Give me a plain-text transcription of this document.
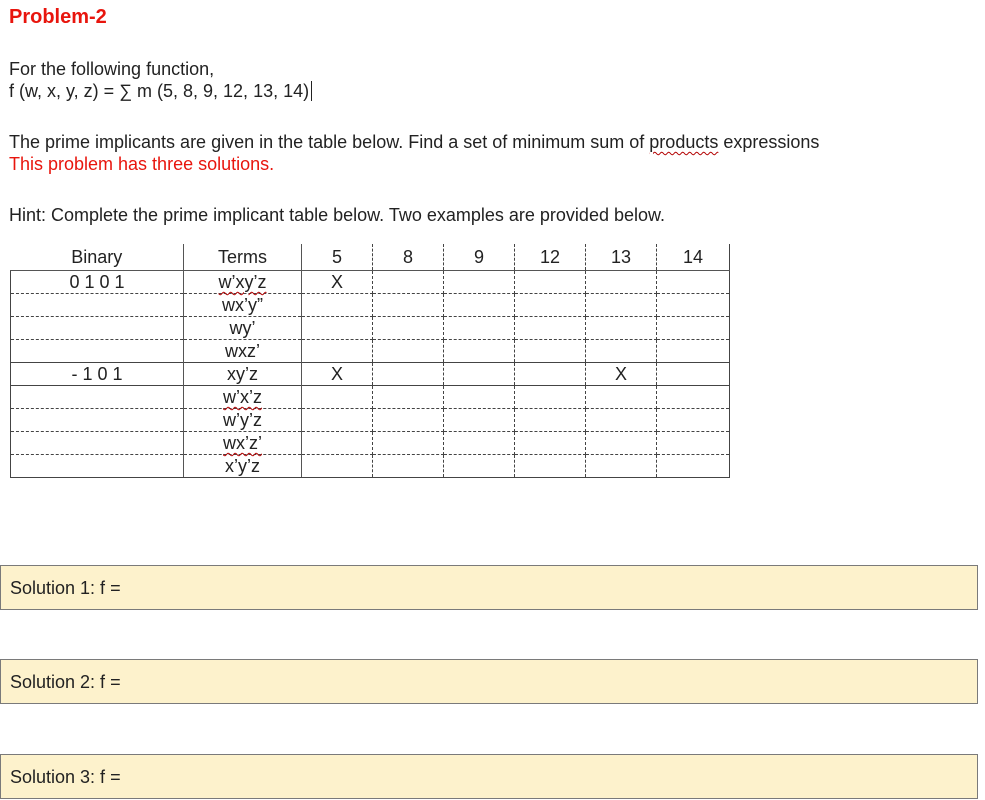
Problem-2
For the following function,
f (w, x, y, z) = ∑ m (5, 8, 9, 12, 13, 14)
The prime implicants are given in the table below. Find a set of minimum sum of products expressions
This problem has three solutions.
Hint: Complete the prime implicant table below. Two examples are provided below.
Binary	Terms	5	8	9	12	13	14
0 1 0 1	w’xy’z	X					
	wx’y”						
	wy’						
	wxz’						
- 1 0 1	xy’z	X				X	
	w’x’z						
	w’y’z						
	wx’z’						
	x’y’z						
Solution 1: f =
Solution 2: f =
Solution 3: f =
